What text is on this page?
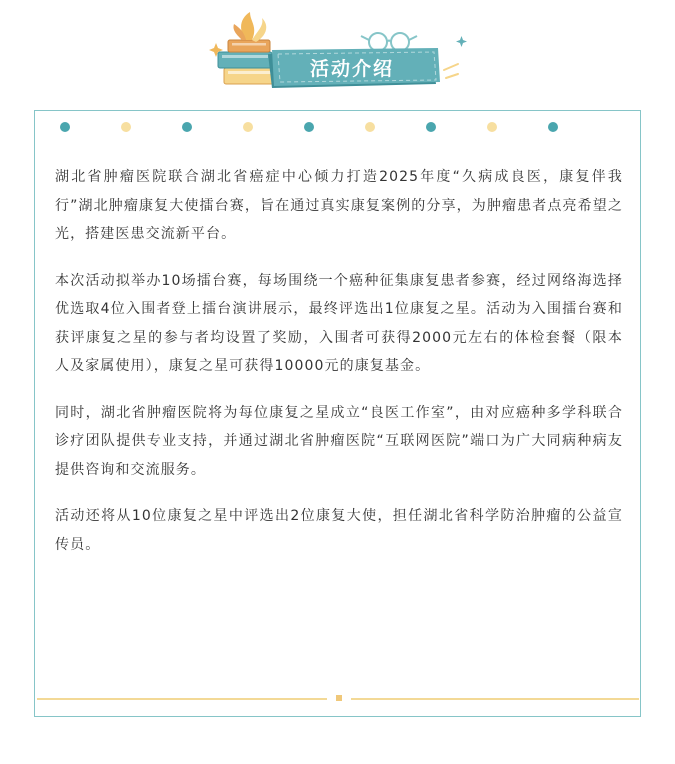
活动介绍

湖北省肿瘤医院联合湖北省癌症中心倾力打造2025年度“久病成良医，康复伴我行”湖北肿瘤康复大使擂台赛，旨在通过真实康复案例的分享，为肿瘤患者点亮希望之光，搭建医患交流新平台。

本次活动拟举办10场擂台赛，每场围绕一个癌种征集康复患者参赛，经过网络海选择优选取4位入围者登上擂台演讲展示，最终评选出1位康复之星。活动为入围擂台赛和获评康复之星的参与者均设置了奖励，入围者可获得2000元左右的体检套餐（限本人及家属使用），康复之星可获得10000元的康复基金。

同时，湖北省肿瘤医院将为每位康复之星成立“良医工作室”，由对应癌种多学科联合诊疗团队提供专业支持，并通过湖北省肿瘤医院“互联网医院”端口为广大同病种病友提供咨询和交流服务。

活动还将从10位康复之星中评选出2位康复大使，担任湖北省科学防治肿瘤的公益宣传员。
